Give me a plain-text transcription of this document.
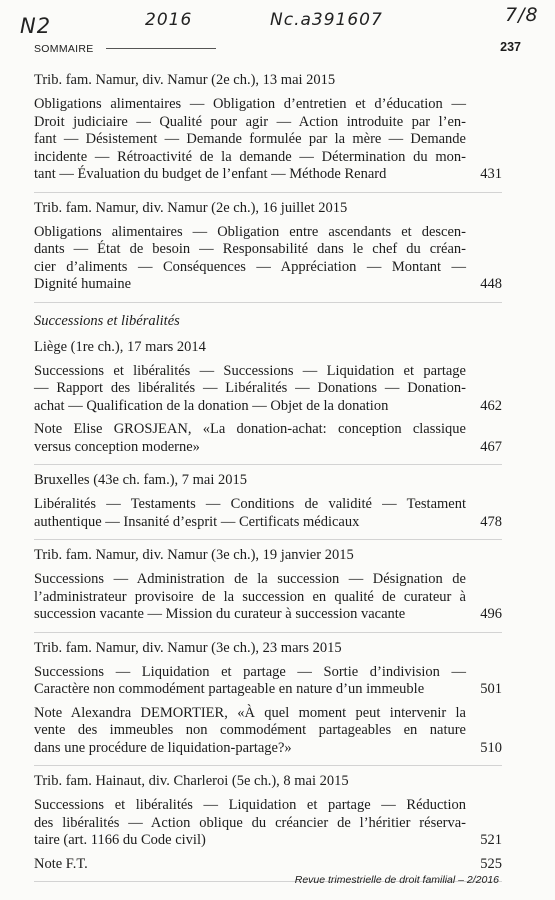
N2	2016	Nc.a391607	7/8
SOMMAIRE	237
Trib. fam. Namur, div. Namur (2e ch.), 13 mai 2015
Obligations alimentaires — Obligation d’entretien et d’éducation —
Droit judiciaire — Qualité pour agir — Action introduite par l’en-
fant — Désistement — Demande formulée par la mère — Demande
incidente — Rétroactivité de la demande — Détermination du mon-
tant — Évaluation du budget de l’enfant — Méthode Renard	431
Trib. fam. Namur, div. Namur (2e ch.), 16 juillet 2015
Obligations alimentaires — Obligation entre ascendants et descen-
dants — État de besoin — Responsabilité dans le chef du créan-
cier d’aliments — Conséquences — Appréciation — Montant —
Dignité humaine	448
Successions et libéralités
Liège (1re ch.), 17 mars 2014
Successions et libéralités — Successions — Liquidation et partage
— Rapport des libéralités — Libéralités — Donations — Donation-
achat — Qualification de la donation — Objet de la donation	462
Note Elise GROSJEAN, «La donation-achat: conception classique
versus conception moderne»	467
Bruxelles (43e ch. fam.), 7 mai 2015
Libéralités — Testaments — Conditions de validité — Testament
authentique — Insanité d’esprit — Certificats médicaux	478
Trib. fam. Namur, div. Namur (3e ch.), 19 janvier 2015
Successions — Administration de la succession — Désignation de
l’administrateur provisoire de la succession en qualité de curateur à
succession vacante — Mission du curateur à succession vacante	496
Trib. fam. Namur, div. Namur (3e ch.), 23 mars 2015
Successions — Liquidation et partage — Sortie d’indivision —
Caractère non commodément partageable en nature d’un immeuble	501
Note Alexandra DEMORTIER, «À quel moment peut intervenir la
vente des immeubles non commodément partageables en nature
dans une procédure de liquidation-partage?»	510
Trib. fam. Hainaut, div. Charleroi (5e ch.), 8 mai 2015
Successions et libéralités — Liquidation et partage — Réduction
des libéralités — Action oblique du créancier de l’héritier réserva-
taire (art. 1166 du Code civil)	521
Note F.T.	525
Revue trimestrielle de droit familial – 2/2016
